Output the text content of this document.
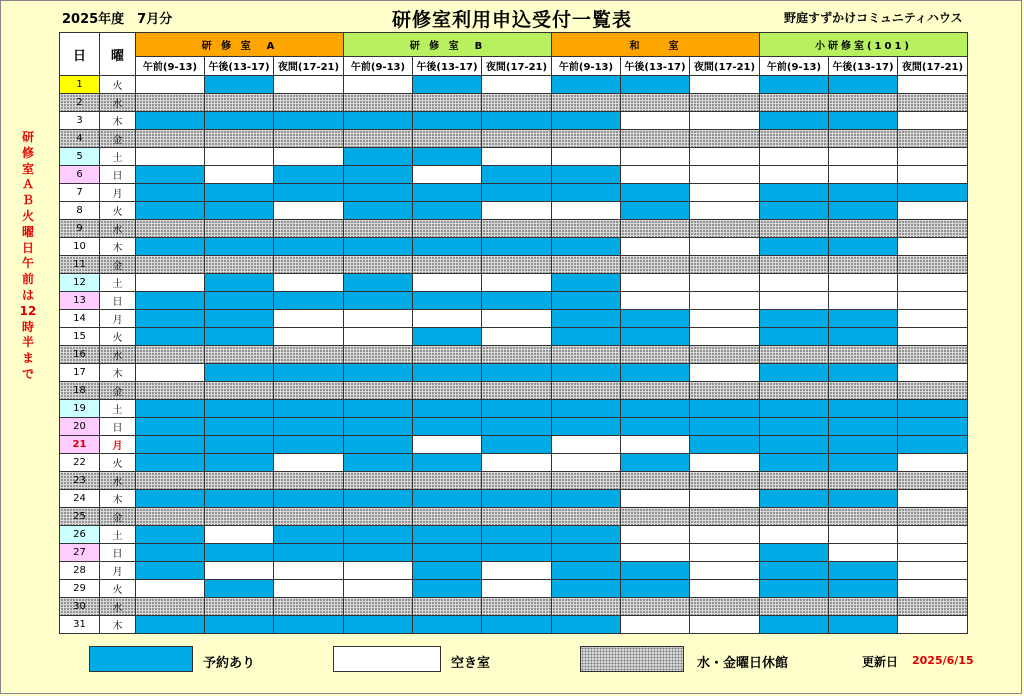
2025年度　7月分	研修室利用申込受付一覧表	野庭すずかけコミュニティハウス
研
修
室
Ａ
Ｂ
火
曜
日
午
前
は
12
時
半
ま
で
日	曜	研 修 室　A			研 修 室　B			和　　室			小研修室(101)		
		午前(9-13)	午後(13-17)	夜間(17-21)	午前(9-13)	午後(13-17)	夜間(17-21)	午前(9-13)	午後(13-17)	夜間(17-21)	午前(9-13)	午後(13-17)	夜間(17-21)
1	火												
2	水												
3	木												
4	金												
5	土												
6	日												
7	月												
8	火												
9	水												
10	木												
11	金												
12	土												
13	日												
14	月												
15	火												
16	水												
17	木												
18	金												
19	土												
20	日												
21	月												
22	火												
23	水												
24	木												
25	金												
26	土												
27	日												
28	月												
29	火												
30	水												
31	木												
予約あり	空き室	水・金曜日休館	更新日 2025/6/15
